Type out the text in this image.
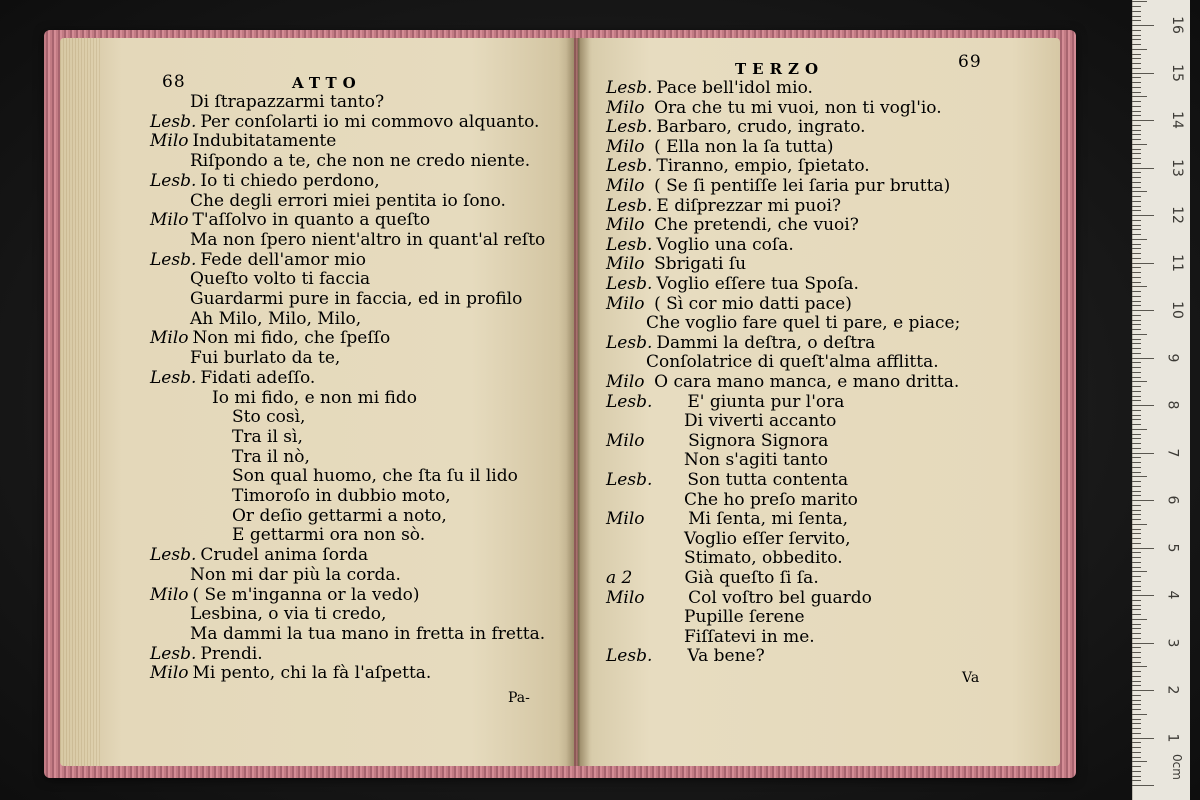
68	ATTO
Pa-
Di ſtrapazzarmi tanto?
Lesb. Per conſolarti io mi commovo alquanto.
Milo Indubitatamente
Riſpondo a te, che non ne credo niente.
Lesb. Io ti chiedo perdono,
Che degli errori miei pentita io ſono.
Milo T'aſſolvo in quanto a queſto
Ma non ſpero nient'altro in quant'al reſto
Lesb. Fede dell'amor mio
Queſto volto ti faccia
Guardarmi pure in faccia, ed in profilo
Ah Milo, Milo, Milo,
Milo Non mi fido, che ſpeſſo
Fui burlato da te,
Lesb. Fidati adeſſo.
Io mi fido, e non mi fido
Sto così,
Tra il sì,
Tra il nò,
Son qual huomo, che ſta ſu il lido
Timoroſo in dubbio moto,
Or deſio gettarmi a noto,
E gettarmi ora non sò.
Lesb. Crudel anima ſorda
Non mi dar più la corda.
Milo ( Se m'inganna or la vedo)
Lesbina, o via ti credo,
Ma dammi la tua mano in fretta in fretta.
Lesb. Prendi.
Milo Mi pento, chi la fà l'aſpetta.
TERZO	69
Va
Lesb. Pace bell'idol mio.
Milo Ora che tu mi vuoi, non ti vogl'io.
Lesb. Barbaro, crudo, ingrato.
Milo ( Ella non la ſa tutta)
Lesb. Tiranno, empio, ſpietato.
Milo ( Se ſi pentiſſe lei ſaria pur brutta)
Lesb. E diſprezzar mi puoi?
Milo Che pretendi, che vuoi?
Lesb. Voglio una coſa.
Milo Sbrigati ſu
Lesb. Voglio eſſere tua Spoſa.
Milo ( Sì cor mio datti pace)
Che voglio fare quel ti pare, e piace;
Lesb. Dammi la deſtra, o deſtra
Conſolatrice di queſt'alma afflitta.
Milo O cara mano manca, e mano dritta.
Lesb. E' giunta pur l'ora
Di viverti accanto
Milo	Signora Signora
Non s'agiti tanto
Lesb. Son tutta contenta
Che ho preſo marito
Milo	Mi ſenta, mi ſenta,
Voglio eſſer ſervito,
Stimato, obbedito.
a 2	Già queſto ſi ſa.
Milo	Col voſtro bel guardo
Pupille ſerene
Fiſſatevi in me.
Lesb. Va bene?
0cm
1
2
3
4
5
6
7
8
9
10
11
12
13
14
15
16
